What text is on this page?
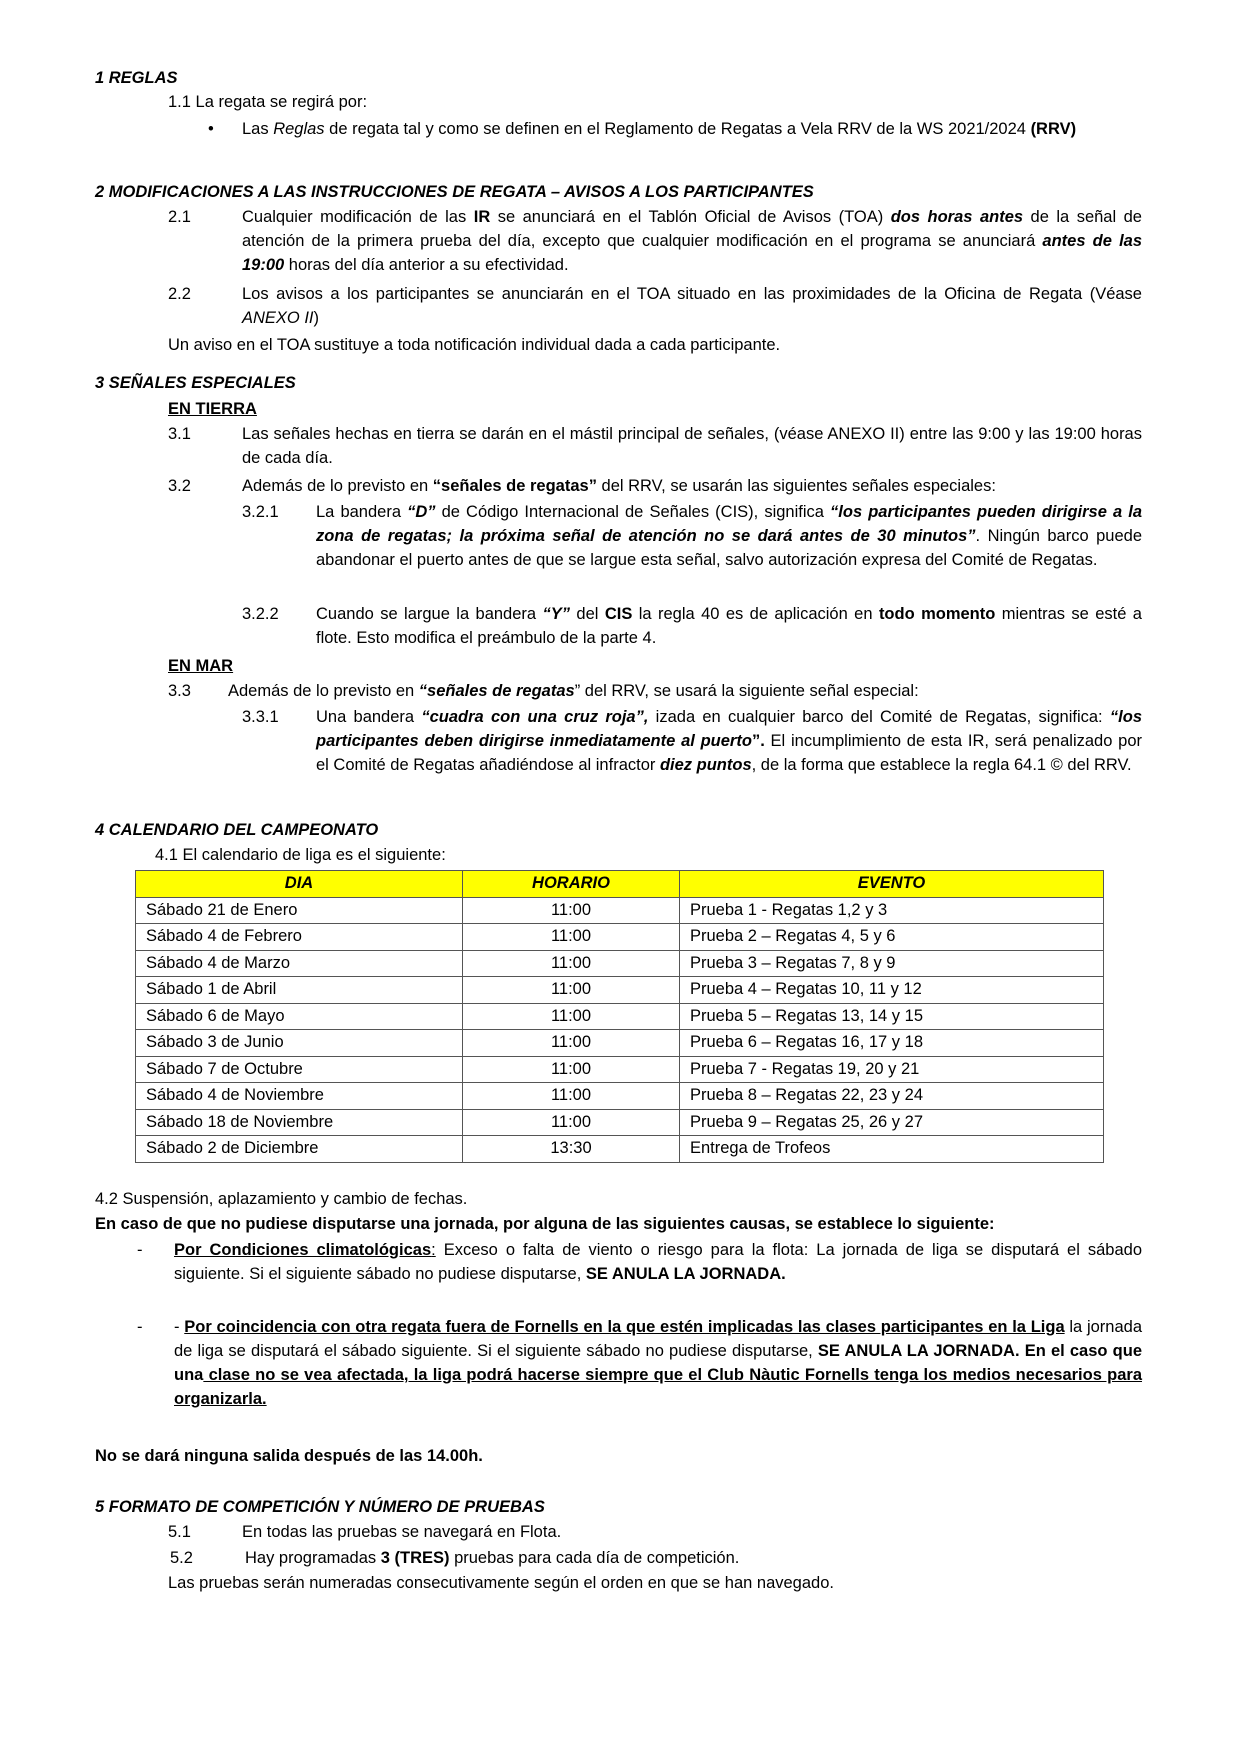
1 REGLAS
1.1 La regata se regirá por:
• Las Reglas de regata tal y como se definen en el Reglamento de Regatas a Vela RRV de la WS 2021/2024 (RRV)
2 MODIFICACIONES A LAS INSTRUCCIONES DE REGATA – AVISOS A LOS PARTICIPANTES
2.1	Cualquier modificación de las IR se anunciará en el Tablón Oficial de Avisos (TOA) dos horas antes de la señal de atención de la primera prueba del día, excepto que cualquier modificación en el programa se anunciará antes de las 19:00 horas del día anterior a su efectividad.
2.2	Los avisos a los participantes se anunciarán en el TOA situado en las proximidades de la Oficina de Regata (Véase ANEXO II)
Un aviso en el TOA sustituye a toda notificación individual dada a cada participante.
3 SEÑALES ESPECIALES
EN TIERRA
3.1	Las señales hechas en tierra se darán en el mástil principal de señales, (véase ANEXO II) entre las 9:00 y las 19:00 horas de cada día.
3.2	Además de lo previsto en “señales de regatas” del RRV, se usarán las siguientes señales especiales:
3.2.1 La bandera “D” de Código Internacional de Señales (CIS), significa “los participantes pueden dirigirse a la zona de regatas; la próxima señal de atención no se dará antes de 30 minutos”. Ningún barco puede abandonar el puerto antes de que se largue esta señal, salvo autorización expresa del Comité de Regatas.
3.2.2 Cuando se largue la bandera “Y” del CIS la regla 40 es de aplicación en todo momento mientras se esté a flote. Esto modifica el preámbulo de la parte 4.
EN MAR
3.3 Además de lo previsto en “señales de regatas” del RRV, se usará la siguiente señal especial:
3.3.1 Una bandera “cuadra con una cruz roja”, izada en cualquier barco del Comité de Regatas, significa: “los participantes deben dirigirse inmediatamente al puerto”. El incumplimiento de esta IR, será penalizado por el Comité de Regatas añadiéndose al infractor diez puntos, de la forma que establece la regla 64.1 © del RRV.
4 CALENDARIO DEL CAMPEONATO
4.1 El calendario de liga es el siguiente:
DIA	HORARIO	EVENTO
Sábado 21 de Enero	11:00	Prueba 1 - Regatas 1,2 y 3
Sábado 4 de Febrero	11:00	Prueba 2 – Regatas 4, 5 y 6
Sábado 4 de Marzo	11:00	Prueba 3 – Regatas 7, 8 y 9
Sábado 1 de Abril	11:00	Prueba 4 – Regatas 10, 11 y 12
Sábado 6 de Mayo	11:00	Prueba 5 – Regatas 13, 14 y 15
Sábado 3 de Junio	11:00	Prueba 6 – Regatas 16, 17 y 18
Sábado 7 de Octubre	11:00	Prueba 7 - Regatas 19, 20 y 21
Sábado 4 de Noviembre	11:00	Prueba 8 – Regatas 22, 23 y 24
Sábado 18 de Noviembre	11:00	Prueba 9 – Regatas 25, 26 y 27
Sábado 2 de Diciembre	13:30	Entrega de Trofeos
4.2 Suspensión, aplazamiento y cambio de fechas.
En caso de que no pudiese disputarse una jornada, por alguna de las siguientes causas, se establece lo siguiente:
- Por Condiciones climatológicas: Exceso o falta de viento o riesgo para la flota: La jornada de liga se disputará el sábado siguiente. Si el siguiente sábado no pudiese disputarse, SE ANULA LA JORNADA.
- - Por coincidencia con otra regata fuera de Fornells en la que estén implicadas las clases participantes en la Liga la jornada de liga se disputará el sábado siguiente. Si el siguiente sábado no pudiese disputarse, SE ANULA LA JORNADA. En el caso que una clase no se vea afectada, la liga podrá hacerse siempre que el Club Nàutic Fornells tenga los medios necesarios para organizarla.
No se dará ninguna salida después de las 14.00h.
5 FORMATO DE COMPETICIÓN Y NÚMERO DE PRUEBAS
5.1	En todas las pruebas se navegará en Flota.
5.2	Hay programadas 3 (TRES) pruebas para cada día de competición.
Las pruebas serán numeradas consecutivamente según el orden en que se han navegado.
